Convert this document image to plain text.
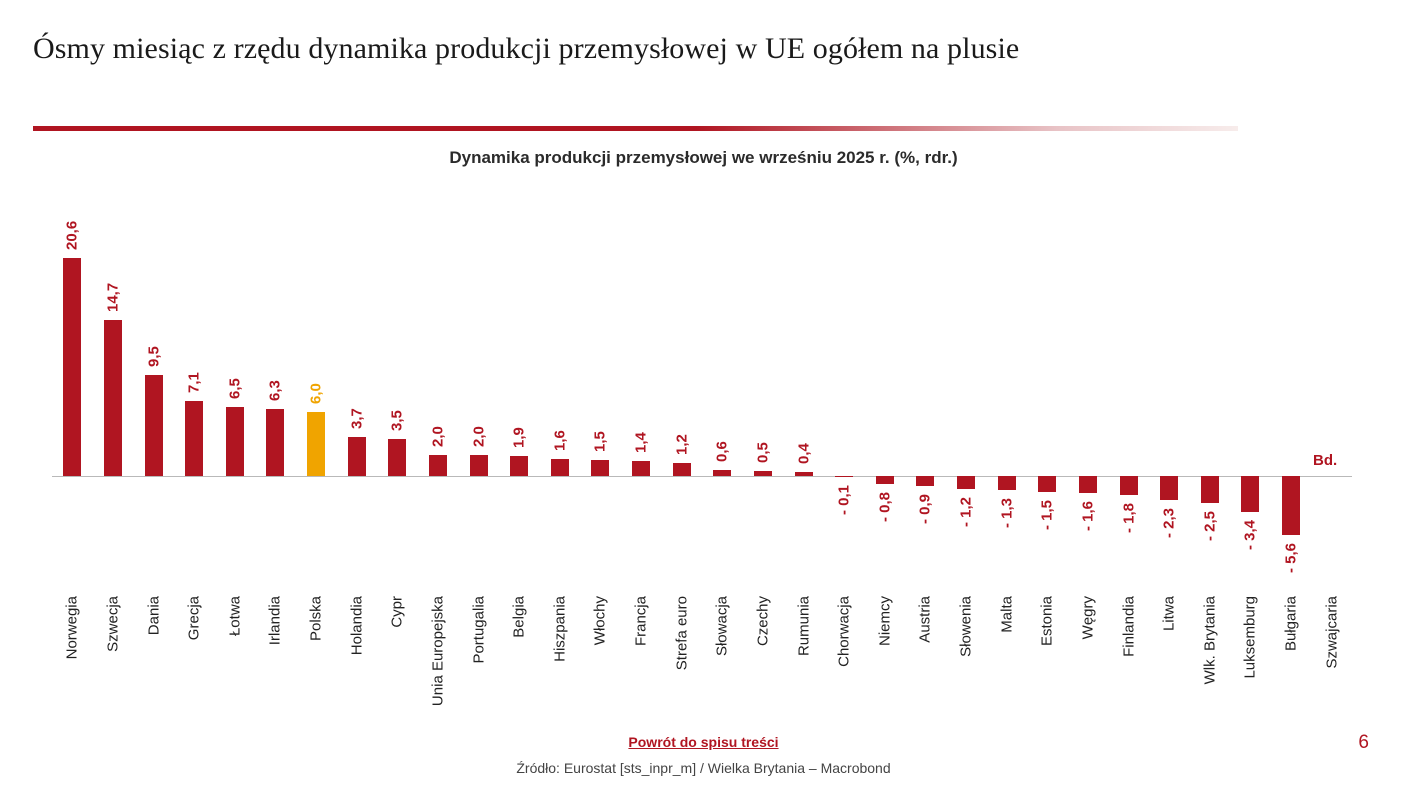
Ósmy miesiąc z rzędu dynamika produkcji przemysłowej w UE ogółem na plusie
Dynamika produkcji przemysłowej we wrześniu 2025 r. (%, rdr.)
20,6
Norwegia
14,7
Szwecja
9,5
Dania
7,1
Grecja
6,5
Łotwa
6,3
Irlandia
6,0
Polska
3,7
Holandia
3,5
Cypr
2,0
Unia Europejska
2,0
Portugalia
1,9
Belgia
1,6
Hiszpania
1,5
Włochy
1,4
Francja
1,2
Strefa euro
0,6
Słowacja
0,5
Czechy
0,4
Rumunia
- 0,1
Chorwacja
- 0,8
Niemcy
- 0,9
Austria
- 1,2
Słowenia
- 1,3
Malta
- 1,5
Estonia
- 1,6
Węgry
- 1,8
Finlandia
- 2,3
Litwa
- 2,5
Wlk. Brytania
- 3,4
Luksemburg
- 5,6
Bułgaria Szwajcaria
Bd.
Powrót do spisu treści
Źródło: Eurostat [sts_inpr_m] / Wielka Brytania – Macrobond
6
